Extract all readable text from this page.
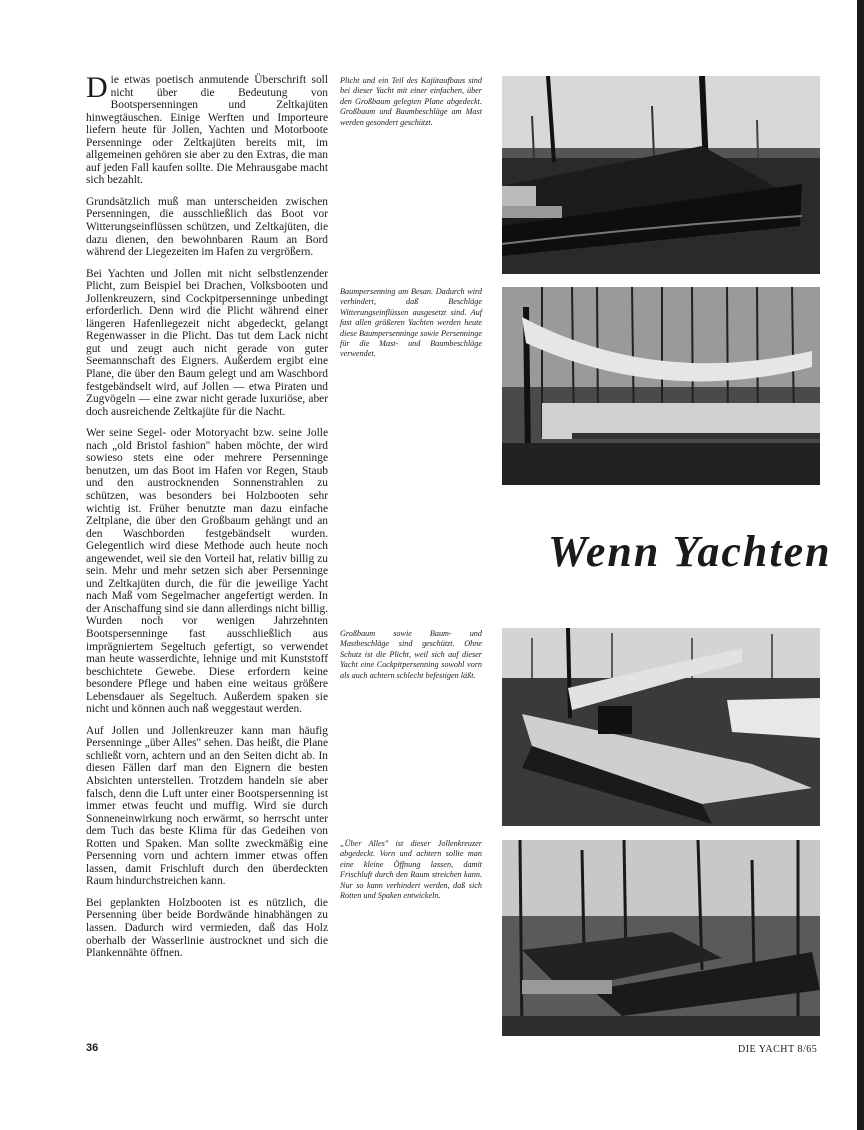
Die etwas poetisch anmutende Überschrift soll nicht über die Bedeutung von Bootspersenningen und Zeltkajüten hinwegtäuschen. Einige Werften und Importeure liefern heute für Jollen, Yachten und Motorboote Persenninge oder Zeltkajüten bereits mit, im allgemeinen gehören sie aber zu den Extras, die man auf jeden Fall kaufen sollte. Die Mehrausgabe macht sich bezahlt.

Grundsätzlich muß man unterscheiden zwischen Persenningen, die ausschließlich das Boot vor Witterungseinflüssen schützen, und Zeltkajüten, die dazu dienen, den bewohnbaren Raum an Bord während der Liegezeiten im Hafen zu vergrößern.

Bei Yachten und Jollen mit nicht selbstlenzender Plicht, zum Beispiel bei Drachen, Volksbooten und Jollenkreuzern, sind Cockpitpersenninge unbedingt erforderlich. Denn wird die Plicht während einer längeren Hafenliegezeit nicht abgedeckt, gelangt Regenwasser in die Plicht. Das tut dem Lack nicht gut und zeugt auch nicht gerade von guter Seemannschaft des Eigners. Außerdem ergibt eine Plane, die über den Baum gelegt und am Waschbord festgebändselt wird, auf Jollen — etwa Piraten und Zugvögeln — eine zwar nicht gerade luxuriöse, aber doch ausreichende Zeltkajüte für die Nacht.

Wer seine Segel- oder Motoryacht bzw. seine Jolle nach „old Bristol fashion" haben möchte, der wird sowieso stets eine oder mehrere Persenninge benutzen, um das Boot im Hafen vor Regen, Staub und den austrocknenden Sonnenstrahlen zu schützen, was besonders bei Holzbooten sehr wichtig ist. Früher benutzte man dazu einfache Zeltplane, die über den Großbaum gehängt und an den Waschborden festgebändselt wurden. Gelegentlich wird diese Methode auch heute noch angewendet, weil sie den Vorteil hat, relativ billig zu sein. Mehr und mehr setzen sich aber Persenninge und Zeltkajüten durch, die für die jeweilige Yacht nach Maß vom Segelmacher angefertigt werden. In der Anschaffung sind sie dann allerdings nicht billig. Wurden noch vor wenigen Jahrzehnten Bootspersenninge fast ausschließlich aus imprägniertem Segeltuch gefertigt, so verwendet man heute wasserdichte, lehnige und mit Kunststoff beschichtete Gewebe. Diese erfordern keine besondere Pflege und haben eine weitaus größere Lebensdauer als Segeltuch. Außerdem spaken sie nicht und können auch naß weggestaut werden.

Auf Jollen und Jollenkreuzer kann man häufig Persenninge „über Alles" sehen. Das heißt, die Plane schließt vorn, achtern und an den Seiten dicht ab. In diesen Fällen darf man den Eignern die besten Absichten unterstellen. Trotzdem handeln sie aber falsch, denn die Luft unter einer Bootspersenning ist immer etwas feucht und muffig. Wird sie durch Sonneneinwirkung noch erwärmt, so herrscht unter dem Tuch das beste Klima für das Gedeihen von Rotten und Spaken. Man sollte zweckmäßig eine Persenning vorn und achtern immer etwas offen lassen, damit Frischluft durch den überdeckten Raum hindurchstreichen kann.

Bei geplankten Holzbooten ist es nützlich, die Persenning über beide Bordwände hinabhängen zu lassen. Dadurch wird vermieden, daß das Holz oberhalb der Wasserlinie austrocknet und sich die Plankennähte öffnen.

Plicht und ein Teil des Kajütaufbaus sind bei dieser Yacht mit einer einfachen, über den Großbaum gelegten Plane abgedeckt. Großbaum und Baumbeschläge am Mast werden gesondert geschützt.
Baumpersenning am Besan. Dadurch wird verhindert, daß Beschläge Witterungseinflüssen ausgesetzt sind. Auf fast allen größeren Yachten werden heute diese Baumpersenninge sowie Persenninge für die Mast- und Baumbeschläge verwendet.
Großbaum sowie Baum- und Mastbeschläge sind geschützt. Ohne Schutz ist die Plicht, weil sich auf dieser Yacht eine Cockpitpersenning sowohl vorn als auch achtern schlecht befestigen läßt.
„Über Alles" ist dieser Jollenkreuzer abgedeckt. Vorn und achtern sollte man eine kleine Öffnung lassen, damit Frischluft durch den Raum streichen kann. Nur so kann verhindert werden, daß sich Rotten und Spaken entwickeln.
Wenn Yachten
36	DIE YACHT 8/65
